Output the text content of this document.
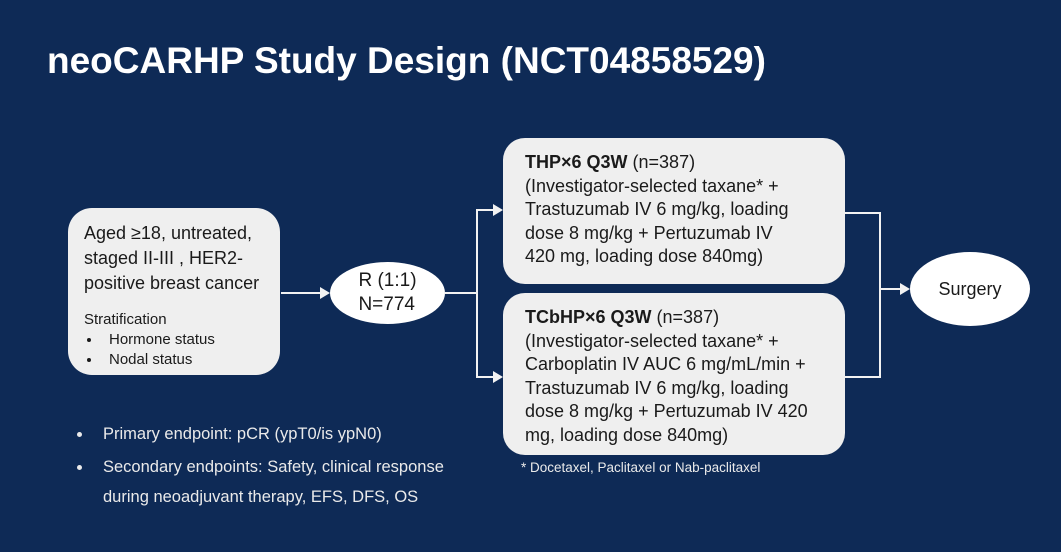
neoCARHP Study Design (NCT04858529)
Aged ≥18, untreated,
staged II-III , HER2-
positive breast cancer
Stratification
Hormone status
Nodal status
R (1:1)
N=774
THP×6 Q3W (n=387)
(Investigator-selected taxane* +
Trastuzumab IV 6 mg/kg, loading
dose 8 mg/kg + Pertuzumab IV
420 mg, loading dose 840mg)
TCbHP×6 Q3W (n=387)
(Investigator-selected taxane* +
Carboplatin IV AUC 6 mg/mL/min +
Trastuzumab IV 6 mg/kg, loading
dose 8 mg/kg + Pertuzumab IV 420
mg, loading dose 840mg)
Surgery
* Docetaxel, Paclitaxel or Nab-paclitaxel
Primary endpoint: pCR (ypT0/is ypN0)
Secondary endpoints: Safety, clinical response
during neoadjuvant therapy, EFS, DFS, OS
